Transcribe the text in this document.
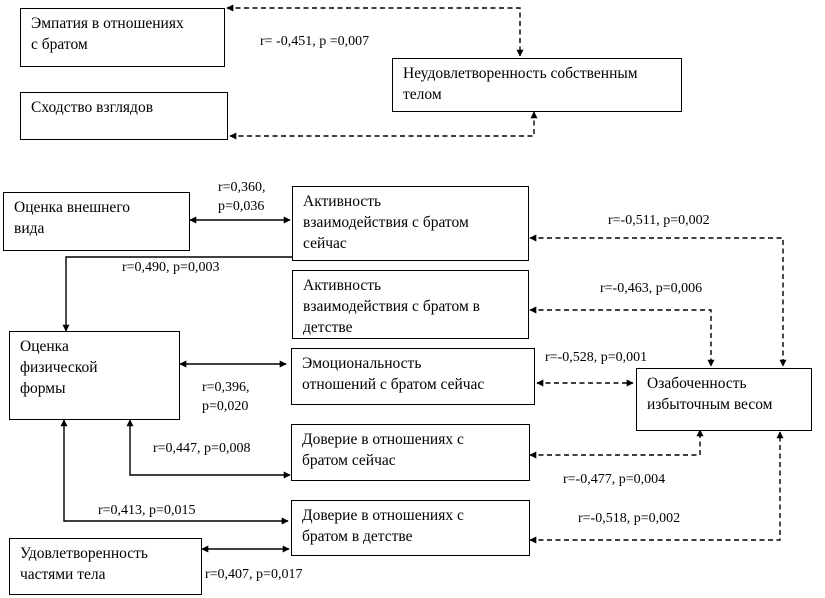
Эмпатия в отношениях
с братом
Неудовлетворенность собственным
телом
Сходство взглядов
Оценка внешнего
вида
Активность
взаимодействия с братом
сейчас
Активность
взаимодействия с братом в
детстве
Оценка
физической
формы
Эмоциональность
отношений с братом сейчас	Озабоченность
избыточным весом
Доверие в отношениях с
братом сейчас
Доверие в отношениях с
братом в детстве
Удовлетворенность
частями тела
r= -0,451, p =0,007
r=0,360,
p=0,036
r=-0,511, p=0,002
r=0,490, p=0,003
r=-0,463, p=0,006
r=-0,528, p=0,001
r=0,396,
p=0,020
r=0,447, p=0,008
r=-0,477, p=0,004
r=0,413, p=0,015
r=-0,518, p=0,002
r=0,407, p=0,017
